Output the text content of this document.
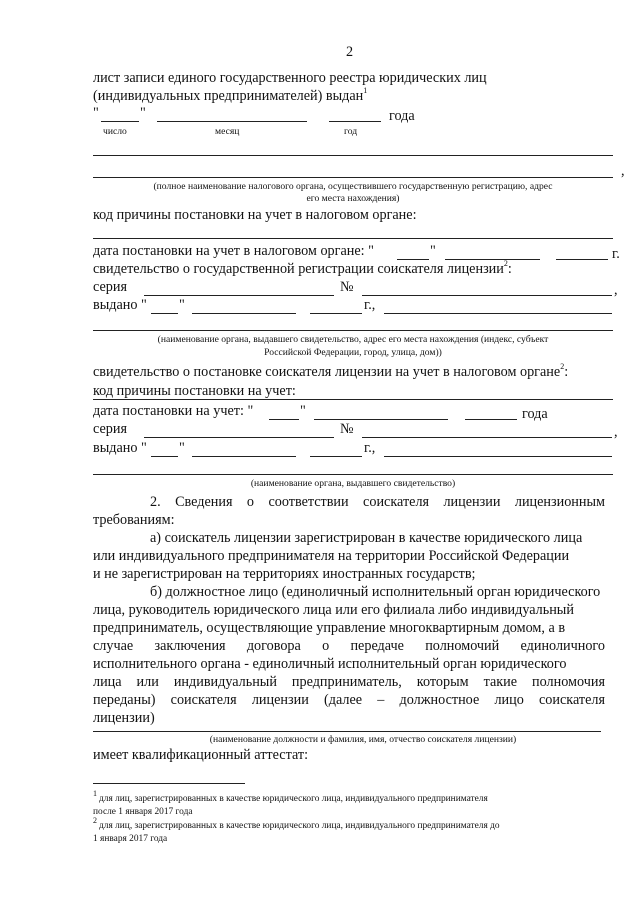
2
лист записи единого государственного реестра юридических лиц
(индивидуальных предпринимателей) выдан$^1$
"	"	года
число	месяц	год
,
(полное наименование налогового органа, осуществившего государственную регистрацию, адрес
его места нахождения)
код причины постановки на учет в налоговом органе:
дата постановки на учет в налоговом органе: "	"	г.
свидетельство о государственной регистрации соискателя лицензии$^2$:
серия	№	,
выдано " "	г.,
(наименование органа, выдавшего свидетельство, адрес его места нахождения (индекс, субъект
Российской Федерации, город, улица, дом))
свидетельство о постановке соискателя лицензии на учет в налоговом органе$^2$:
код причины постановки на учет:
дата постановки на учет: "	"	года
серия	№	,
выдано " "	г.,
(наименование органа, выдавшего свидетельство)
2. Сведения о соответствии соискателя лицензии лицензионным
требованиям:
а) соискатель лицензии зарегистрирован в качестве юридического лица
или индивидуального предпринимателя на территории Российской Федерации
и не зарегистрирован на территориях иностранных государств;
б) должностное лицо (единоличный исполнительный орган юридического
лица, руководитель юридического лица или его филиала либо индивидуальный
предприниматель, осуществляющие управление многоквартирным домом, а в
случае заключения договора о передаче полномочий единоличного
исполнительного органа - единоличный исполнительный орган юридического
лица или индивидуальный предприниматель, которым такие полномочия
переданы) соискателя лицензии (далее – должностное лицо соискателя
лицензии)
(наименование должности и фамилия, имя, отчество соискателя лицензии)
имеет квалификационный аттестат:
1
для лиц, зарегистрированных в качестве юридического лица, индивидуального предпринимателя
после 1 января 2017 года
2
для лиц, зарегистрированных в качестве юридического лица, индивидуального предпринимателя до
1 января 2017 года
